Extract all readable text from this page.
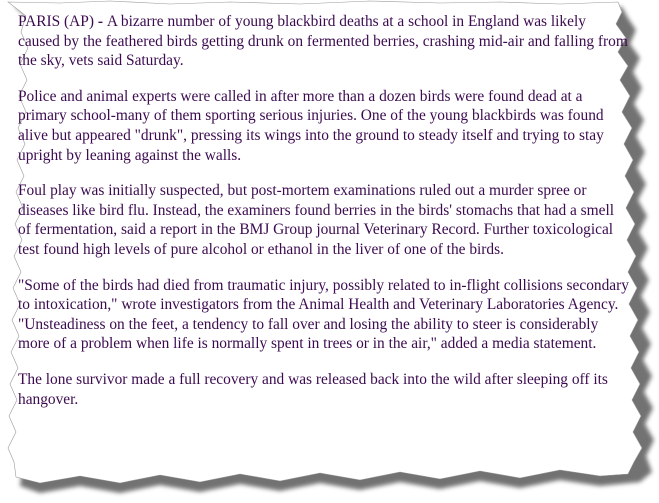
PARIS (AP) - A bizarre number of young blackbird deaths at a school in England was likely caused by the feathered birds getting drunk on fermented berries, crashing mid-air and falling from the sky, vets said Saturday.

Police and animal experts were called in after more than a dozen birds were found dead at a primary school-many of them sporting serious injuries. One of the young blackbirds was found alive but appeared "drunk", pressing its wings into the ground to steady itself and trying to stay upright by leaning against the walls.

Foul play was initially suspected, but post-mortem examinations ruled out a murder spree or diseases like bird flu. Instead, the examiners found berries in the birds' stomachs that had a smell of fermentation, said a report in the BMJ Group journal Veterinary Record. Further toxicological test found high levels of pure alcohol or ethanol in the liver of one of the birds.

"Some of the birds had died from traumatic injury, possibly related to in-flight collisions secondary to intoxication," wrote investigators from the Animal Health and Veterinary Laboratories Agency. "Unsteadiness on the feet, a tendency to fall over and losing the ability to steer is considerably more of a problem when life is normally spent in trees or in the air," added a media statement.

The lone survivor made a full recovery and was released back into the wild after sleeping off its hangover.
